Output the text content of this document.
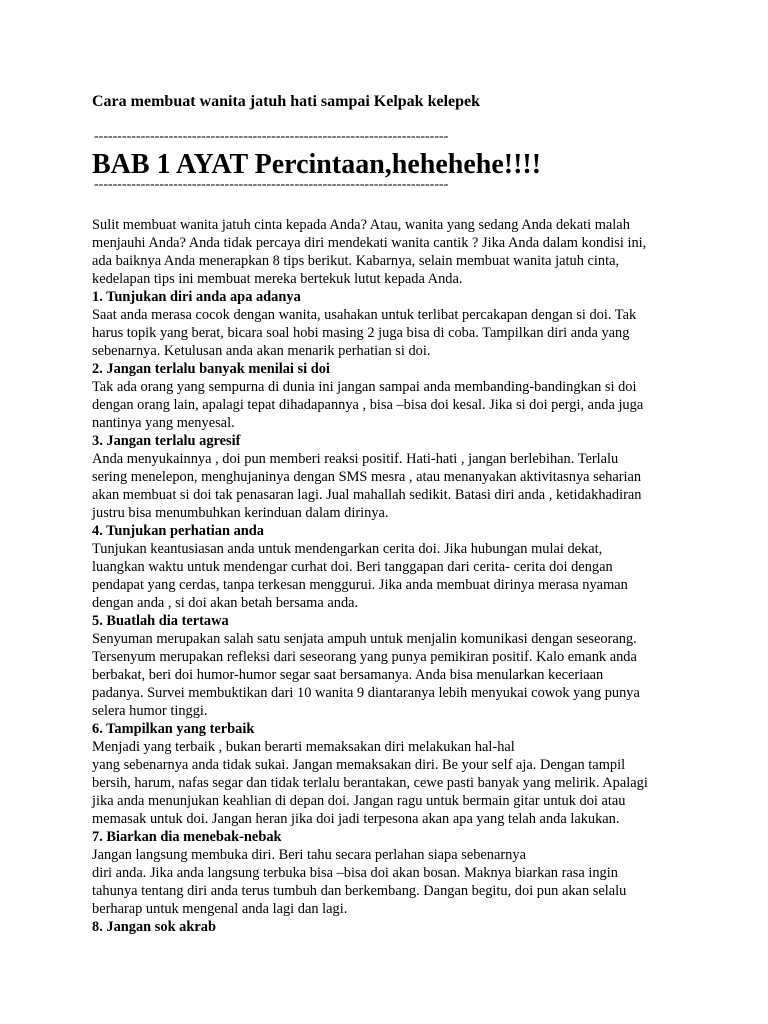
Cara membuat wanita jatuh hati sampai Kelpak kelepek
----------------------------------------------------------------------------
BAB 1 AYAT Percintaan,hehehehe!!!!
----------------------------------------------------------------------------

Sulit membuat wanita jatuh cinta kepada Anda? Atau, wanita yang sedang Anda dekati malah
menjauhi Anda? Anda tidak percaya diri mendekati wanita cantik ? Jika Anda dalam kondisi ini,
ada baiknya Anda menerapkan 8 tips berikut. Kabarnya, selain membuat wanita jatuh cinta,
kedelapan tips ini membuat mereka bertekuk lutut kepada Anda.

1. Tunjukan diri anda apa adanya

Saat anda merasa cocok dengan wanita, usahakan untuk terlibat percakapan dengan si doi. Tak
harus topik yang berat, bicara soal hobi masing 2 juga bisa di coba. Tampilkan diri anda yang
sebenarnya. Ketulusan anda akan menarik perhatian si doi.

2. Jangan terlalu banyak menilai si doi

Tak ada orang yang sempurna di dunia ini jangan sampai anda membanding-bandingkan si doi
dengan orang lain, apalagi tepat dihadapannya , bisa –bisa doi kesal. Jika si doi pergi, anda juga
nantinya yang menyesal.

3. Jangan terlalu agresif

Anda menyukainnya , doi pun memberi reaksi positif. Hati-hati , jangan berlebihan. Terlalu
sering menelepon, menghujaninya dengan SMS mesra , atau menanyakan aktivitasnya seharian
akan membuat si doi tak penasaran lagi. Jual mahallah sedikit. Batasi diri anda , ketidakhadiran
justru bisa menumbuhkan kerinduan dalam dirinya.

4. Tunjukan perhatian anda

Tunjukan keantusiasan anda untuk mendengarkan cerita doi. Jika hubungan mulai dekat,
luangkan waktu untuk mendengar curhat doi. Beri tanggapan dari cerita- cerita doi dengan
pendapat yang cerdas, tanpa terkesan menggurui. Jika anda membuat dirinya merasa nyaman
dengan anda , si doi akan betah bersama anda.

5. Buatlah dia tertawa

Senyuman merupakan salah satu senjata ampuh untuk menjalin komunikasi dengan seseorang.
Tersenyum merupakan refleksi dari seseorang yang punya pemikiran positif. Kalo emank anda
berbakat, beri doi humor-humor segar saat bersamanya. Anda bisa menularkan keceriaan
padanya. Survei membuktikan dari 10 wanita 9 diantaranya lebih menyukai cowok yang punya
selera humor tinggi.

6. Tampilkan yang terbaik

Menjadi yang terbaik , bukan berarti memaksakan diri melakukan hal-hal
yang sebenarnya anda tidak sukai. Jangan memaksakan diri. Be your self aja. Dengan tampil
bersih, harum, nafas segar dan tidak terlalu berantakan, cewe pasti banyak yang melirik. Apalagi
jika anda menunjukan keahlian di depan doi. Jangan ragu untuk bermain gitar untuk doi atau
memasak untuk doi. Jangan heran jika doi jadi terpesona akan apa yang telah anda lakukan.

7. Biarkan dia menebak-nebak

Jangan langsung membuka diri. Beri tahu secara perlahan siapa sebenarnya
diri anda. Jika anda langsung terbuka bisa –bisa doi akan bosan. Maknya biarkan rasa ingin
tahunya tentang diri anda terus tumbuh dan berkembang. Dangan begitu, doi pun akan selalu
berharap untuk mengenal anda lagi dan lagi.

8. Jangan sok akrab
